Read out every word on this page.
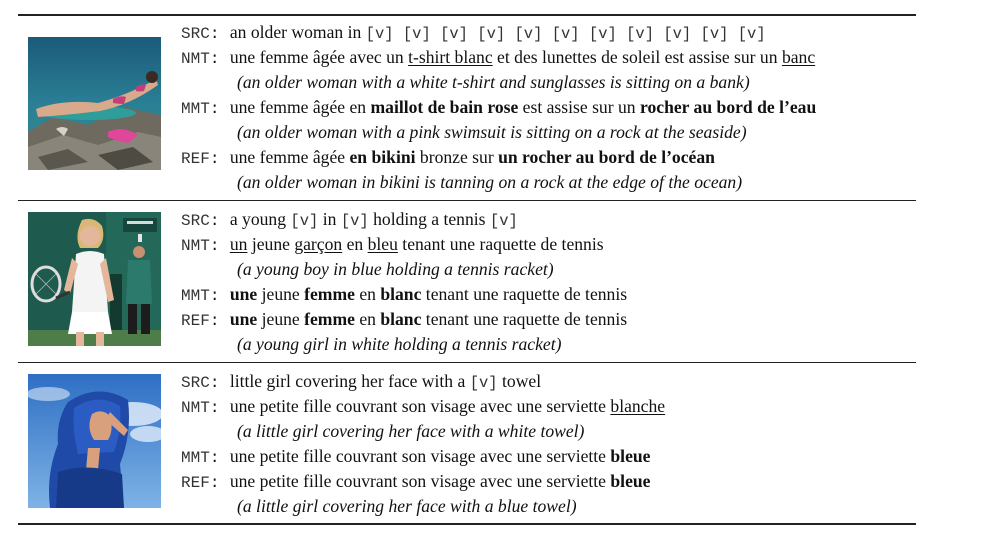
SRC: an older woman in [v] [v] [v] [v] [v] [v] [v] [v] [v] [v] [v]
NMT: une femme âgée avec un t-shirt blanc et des lunettes de soleil est assise sur un banc
(an older woman with a white t-shirt and sunglasses is sitting on a bank)
MMT: une femme âgée en maillot de bain rose est assise sur un rocher au bord de l’eau
(an older woman with a pink swimsuit is sitting on a rock at the seaside)
REF: une femme âgée en bikini bronze sur un rocher au bord de l’océan
(an older woman in bikini is tanning on a rock at the edge of the ocean)
SRC: a young [v] in [v] holding a tennis [v]
NMT: un jeune garçon en bleu tenant une raquette de tennis
(a young boy in blue holding a tennis racket)
MMT: une jeune femme en blanc tenant une raquette de tennis
REF: une jeune femme en blanc tenant une raquette de tennis
(a young girl in white holding a tennis racket)
SRC: little girl covering her face with a [v] towel
NMT: une petite fille couvrant son visage avec une serviette blanche
(a little girl covering her face with a white towel)
MMT: une petite fille couvrant son visage avec une serviette bleue
REF: une petite fille couvrant son visage avec une serviette bleue
(a little girl covering her face with a blue towel)
